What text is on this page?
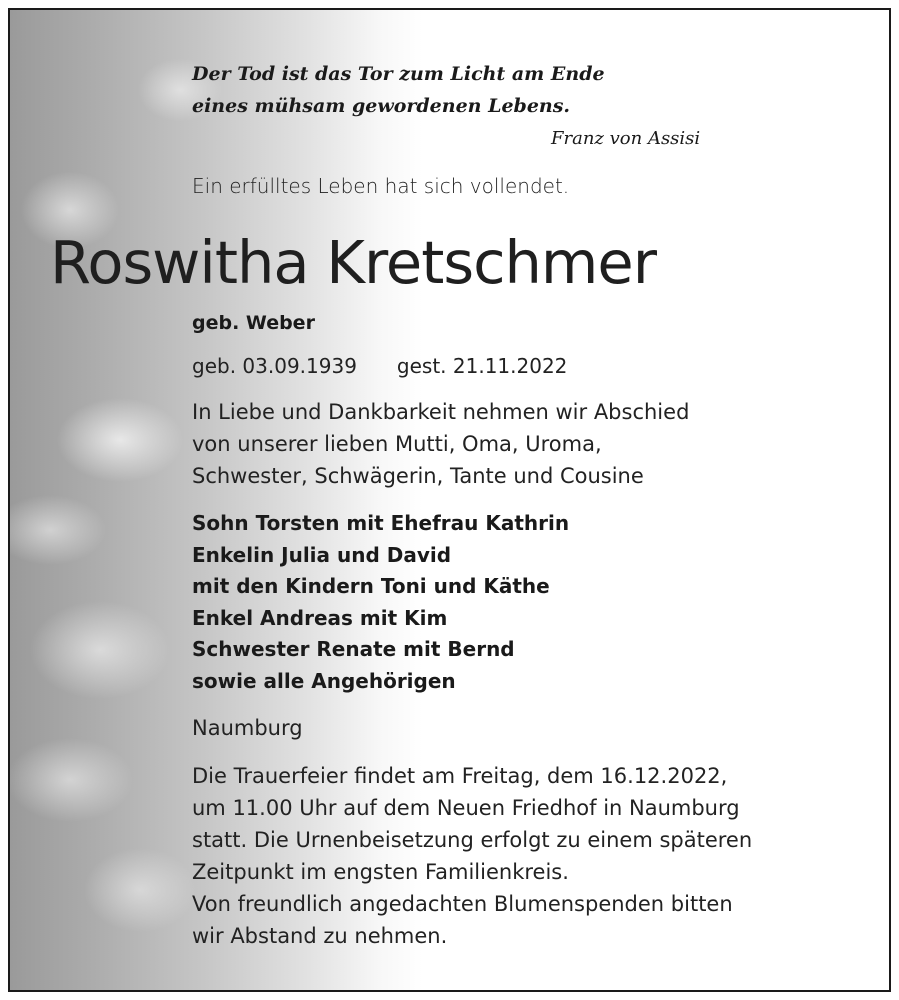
Der Tod ist das Tor zum Licht am Ende
eines mühsam gewordenen Lebens.
Franz von Assisi
Ein erfülltes Leben hat sich vollendet.
Roswitha Kretschmer
geb. Weber
geb. 03.09.1939 gest. 21.11.2022
In Liebe und Dankbarkeit nehmen wir Abschied
von unserer lieben Mutti, Oma, Uroma,
Schwester, Schwägerin, Tante und Cousine
Sohn Torsten mit Ehefrau Kathrin
Enkelin Julia und David
mit den Kindern Toni und Käthe
Enkel Andreas mit Kim
Schwester Renate mit Bernd
sowie alle Angehörigen
Naumburg
Die Trauerfeier findet am Freitag, dem 16.12.2022,
um 11.00 Uhr auf dem Neuen Friedhof in Naumburg
statt. Die Urnenbeisetzung erfolgt zu einem späteren
Zeitpunkt im engsten Familienkreis.
Von freundlich angedachten Blumenspenden bitten
wir Abstand zu nehmen.
